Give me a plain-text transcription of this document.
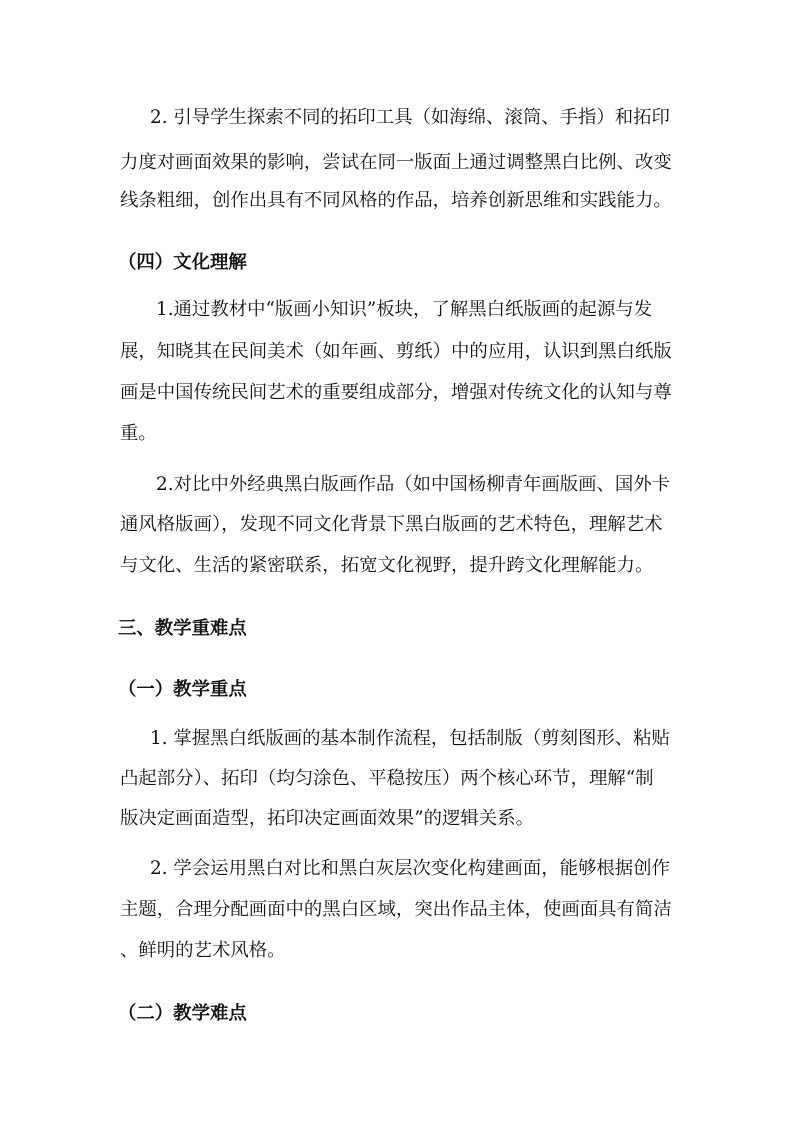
2. 引导学生探索不同的拓印工具（如海绵、滚筒、手指）和拓印
力度对画面效果的影响，尝试在同一版面上通过调整黑白比例、改变
线条粗细，创作出具有不同风格的作品，培养创新思维和实践能力。
（四）文化理解
1.通过教材中“版画小知识”板块，了解黑白纸版画的起源与发
展，知晓其在民间美术（如年画、剪纸）中的应用，认识到黑白纸版
画是中国传统民间艺术的重要组成部分，增强对传统文化的认知与尊
重。
2.对比中外经典黑白版画作品（如中国杨柳青年画版画、国外卡
通风格版画），发现不同文化背景下黑白版画的艺术特色，理解艺术
与文化、生活的紧密联系，拓宽文化视野，提升跨文化理解能力。
三、教学重难点
（一）教学重点
1. 掌握黑白纸版画的基本制作流程，包括制版（剪刻图形、粘贴
凸起部分）、拓印（均匀涂色、平稳按压）两个核心环节，理解“制
版决定画面造型，拓印决定画面效果”的逻辑关系。
2. 学会运用黑白对比和黑白灰层次变化构建画面，能够根据创作
主题，合理分配画面中的黑白区域，突出作品主体，使画面具有简洁
、鲜明的艺术风格。
（二）教学难点
